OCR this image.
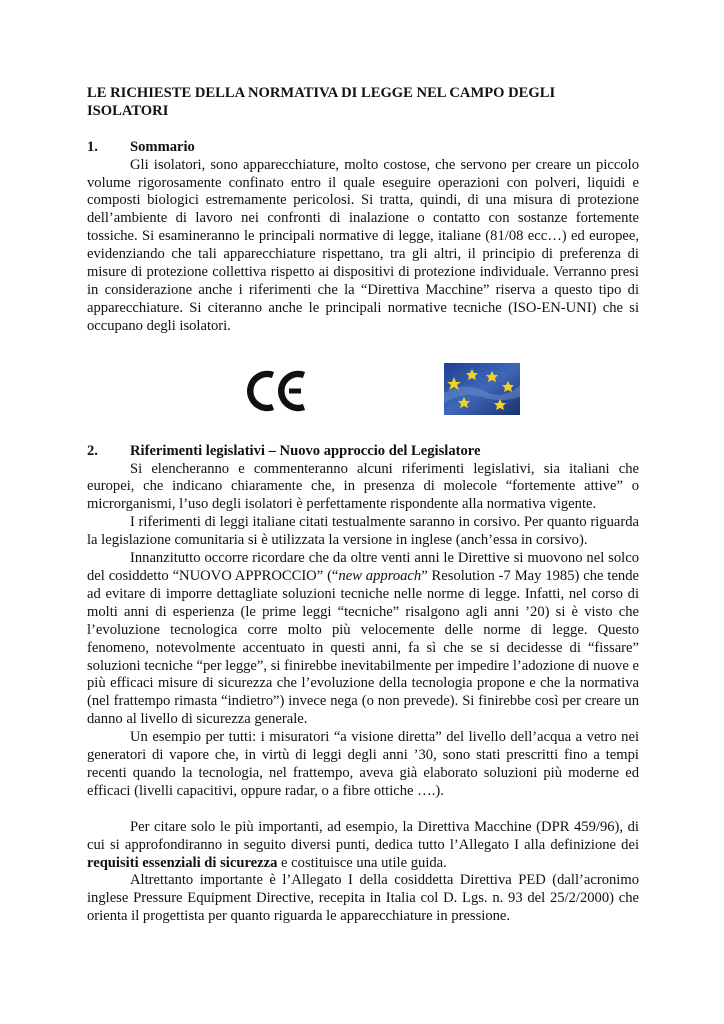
LE RICHIESTE DELLA NORMATIVA DI LEGGE NEL CAMPO DEGLI ISOLATORI
1.	Sommario

Gli isolatori, sono apparecchiature, molto costose, che servono per creare un piccolo volume rigorosamente confinato entro il quale eseguire operazioni con polveri, liquidi e composti biologici estremamente pericolosi. Si tratta, quindi, di una misura di protezione dell’ambiente di lavoro nei confronti di inalazione o contatto con sostanze fortemente tossiche. Si esamineranno le principali normative di legge, italiane (81/08 ecc…) ed europee, evidenziando che tali apparecchiature rispettano, tra gli altri, il principio di preferenza di misure di protezione collettiva rispetto ai dispositivi di protezione individuale. Verranno presi in considerazione anche i riferimenti che la “Direttiva Macchine” riserva a questo tipo di apparecchiature. Si citeranno anche le principali normative tecniche (ISO-EN-UNI) che si occupano degli isolatori.

2.	Riferimenti legislativi – Nuovo approccio del Legislatore

Si elencheranno e commenteranno alcuni riferimenti legislativi, sia italiani che europei, che indicano chiaramente che, in presenza di molecole “fortemente attive” o microrganismi, l’uso degli isolatori è perfettamente rispondente alla normativa vigente.

I riferimenti di leggi italiane citati testualmente saranno in corsivo. Per quanto riguarda la legislazione comunitaria si è utilizzata la versione in inglese (anch’essa in corsivo).

Innanzitutto occorre ricordare che da oltre venti anni le Direttive si muovono nel solco del cosiddetto “NUOVO APPROCCIO” (“new approach” Resolution -7 May 1985) che tende ad evitare di imporre dettagliate soluzioni tecniche nelle norme di legge. Infatti, nel corso di molti anni di esperienza (le prime leggi “tecniche” risalgono agli anni ’20) si è visto che l’evoluzione tecnologica corre molto più velocemente delle norme di legge. Questo fenomeno, notevolmente accentuato in questi anni, fa sì che se si decidesse di “fissare” soluzioni tecniche “per legge”, si finirebbe inevitabilmente per impedire l’adozione di nuove e più efficaci misure di sicurezza che l’evoluzione della tecnologia propone e che la normativa (nel frattempo rimasta “indietro”) invece nega (o non prevede). Si finirebbe così per creare un danno al livello di sicurezza generale.

Un esempio per tutti: i misuratori “a visione diretta” del livello dell’acqua a vetro nei generatori di vapore che, in virtù di leggi degli anni ’30, sono stati prescritti fino a tempi recenti quando la tecnologia, nel frattempo, aveva già elaborato soluzioni più moderne ed efficaci (livelli capacitivi, oppure radar, o a fibre ottiche ….).

Per citare solo le più importanti, ad esempio, la Direttiva Macchine (DPR 459/96), di cui si approfondiranno in seguito diversi punti, dedica tutto l’Allegato I alla definizione dei requisiti essenziali di sicurezza e costituisce una utile guida.

Altrettanto importante è l’Allegato I della cosiddetta Direttiva PED (dall’acronimo inglese Pressure Equipment Directive, recepita in Italia col D. Lgs. n. 93 del 25/2/2000) che orienta il progettista per quanto riguarda le apparecchiature in pressione.
